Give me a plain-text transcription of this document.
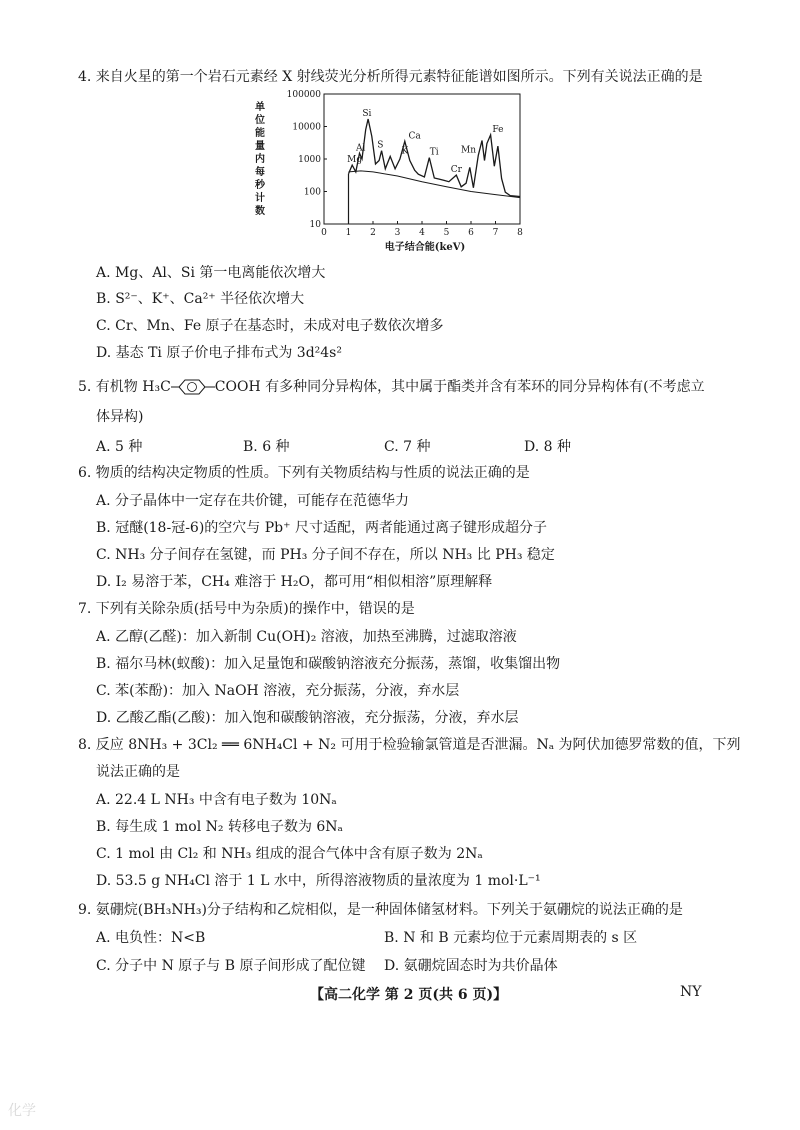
4. 来自火星的第一个岩石元素经 X 射线荧光分析所得元素特征能谱如图所示。下列有关说法正确的是
0 1 2 3 4 5 6 7 8
10
100
1000
10000
100000
Mg
Al
Si
S
K
Ca
Ti
Cr
Mn
Fe
电子结合能(keV)
单
位
能
量
内
每
秒
计
数
A. Mg、Al、Si 第一电离能依次增大
B. S²⁻、K⁺、Ca²⁺ 半径依次增大
C. Cr、Mn、Fe 原子在基态时，未成对电子数依次增多
D. 基态 Ti 原子价电子排布式为 3d²4s²
5. 有机物 H₃C	COOH 有多种同分异构体，其中属于酯类并含有苯环的同分异构体有(不考虑立
体异构)
A. 5 种	B. 6 种	C. 7 种	D. 8 种
6. 物质的结构决定物质的性质。下列有关物质结构与性质的说法正确的是
A. 分子晶体中一定存在共价键，可能存在范德华力
B. 冠醚(18-冠-6)的空穴与 Pb⁺ 尺寸适配，两者能通过离子键形成超分子
C. NH₃ 分子间存在氢键，而 PH₃ 分子间不存在，所以 NH₃ 比 PH₃ 稳定
D. I₂ 易溶于苯，CH₄ 难溶于 H₂O，都可用“相似相溶”原理解释
7. 下列有关除杂质(括号中为杂质)的操作中，错误的是
A. 乙醇(乙醛)：加入新制 Cu(OH)₂ 溶液，加热至沸腾，过滤取溶液
B. 福尔马林(蚁酸)：加入足量饱和碳酸钠溶液充分振荡，蒸馏，收集馏出物
C. 苯(苯酚)：加入 NaOH 溶液，充分振荡，分液，弃水层
D. 乙酸乙酯(乙酸)：加入饱和碳酸钠溶液，充分振荡，分液，弃水层
8. 反应 8NH₃ + 3Cl₂ ══ 6NH₄Cl + N₂ 可用于检验输氯管道是否泄漏。Nₐ 为阿伏加德罗常数的值，下列
说法正确的是
A. 22.4 L NH₃ 中含有电子数为 10Nₐ
B. 每生成 1 mol N₂ 转移电子数为 6Nₐ
C. 1 mol 由 Cl₂ 和 NH₃ 组成的混合气体中含有原子数为 2Nₐ
D. 53.5 g NH₄Cl 溶于 1 L 水中，所得溶液物质的量浓度为 1 mol·L⁻¹
9. 氨硼烷(BH₃NH₃)分子结构和乙烷相似，是一种固体储氢材料。下列关于氨硼烷的说法正确的是
A. 电负性：N<B	B. N 和 B 元素均位于元素周期表的 s 区
C. 分子中 N 原子与 B 原子间形成了配位键 D. 氨硼烷固态时为共价晶体
【高二化学 第 2 页(共 6 页)】	NY
化学
